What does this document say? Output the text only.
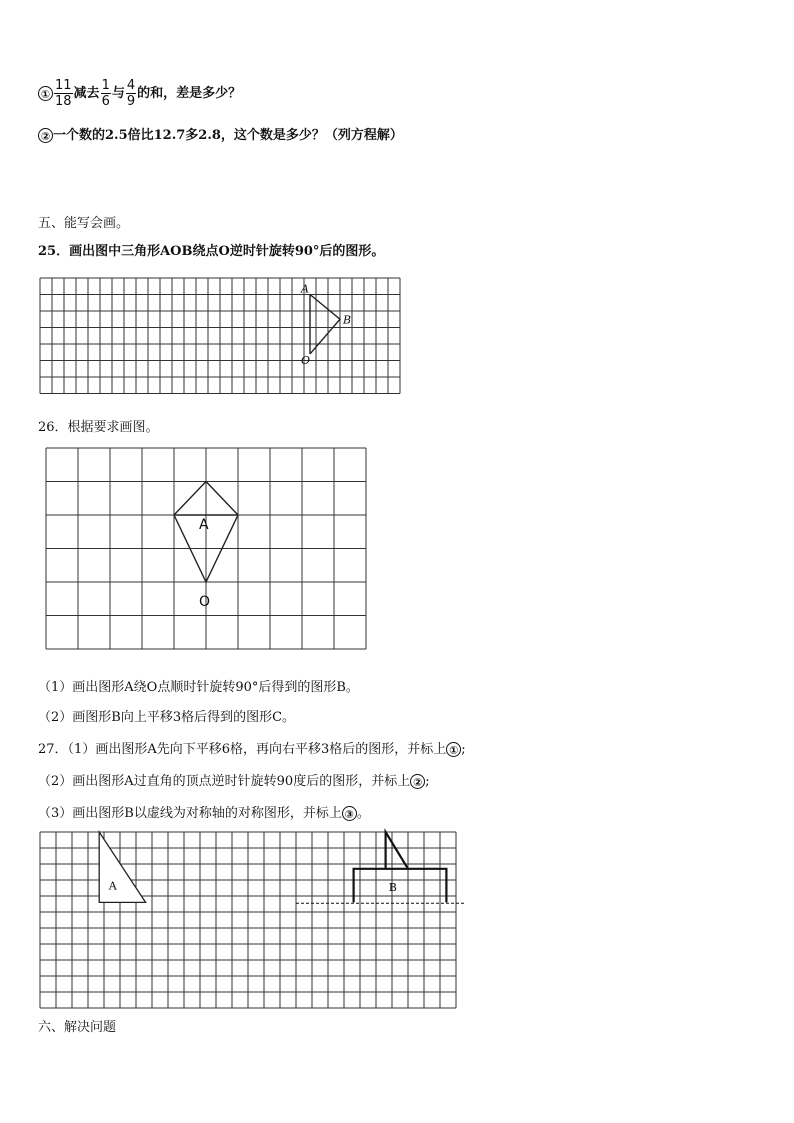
① $\frac{11}{18}$ 减去 $\frac{1}{6}$ 与 $\frac{4}{9}$ 的和，差是多少？
② 一个数的2.5倍比12.7多2.8，这个数是多少？（列方程解）
五、能写会画。
25．画出图中三角形AOB绕点O逆时针旋转90°后的图形。
A
B
O
26．根据要求画图。
A
O
（1）画出图形A绕O点顺时针旋转90°后得到的图形B。
（2）画图形B向上平移3格后得到的图形C。
27．（1）画出图形A先向下平移6格，再向右平移3格后的图形，并标上 ① ;
（2）画出图形A过直角的顶点逆时针旋转90度后的图形，并标上 ② ;
（3）画出图形B以虚线为对称轴的对称图形，并标上 ③ 。
A	B
六、解决问题
